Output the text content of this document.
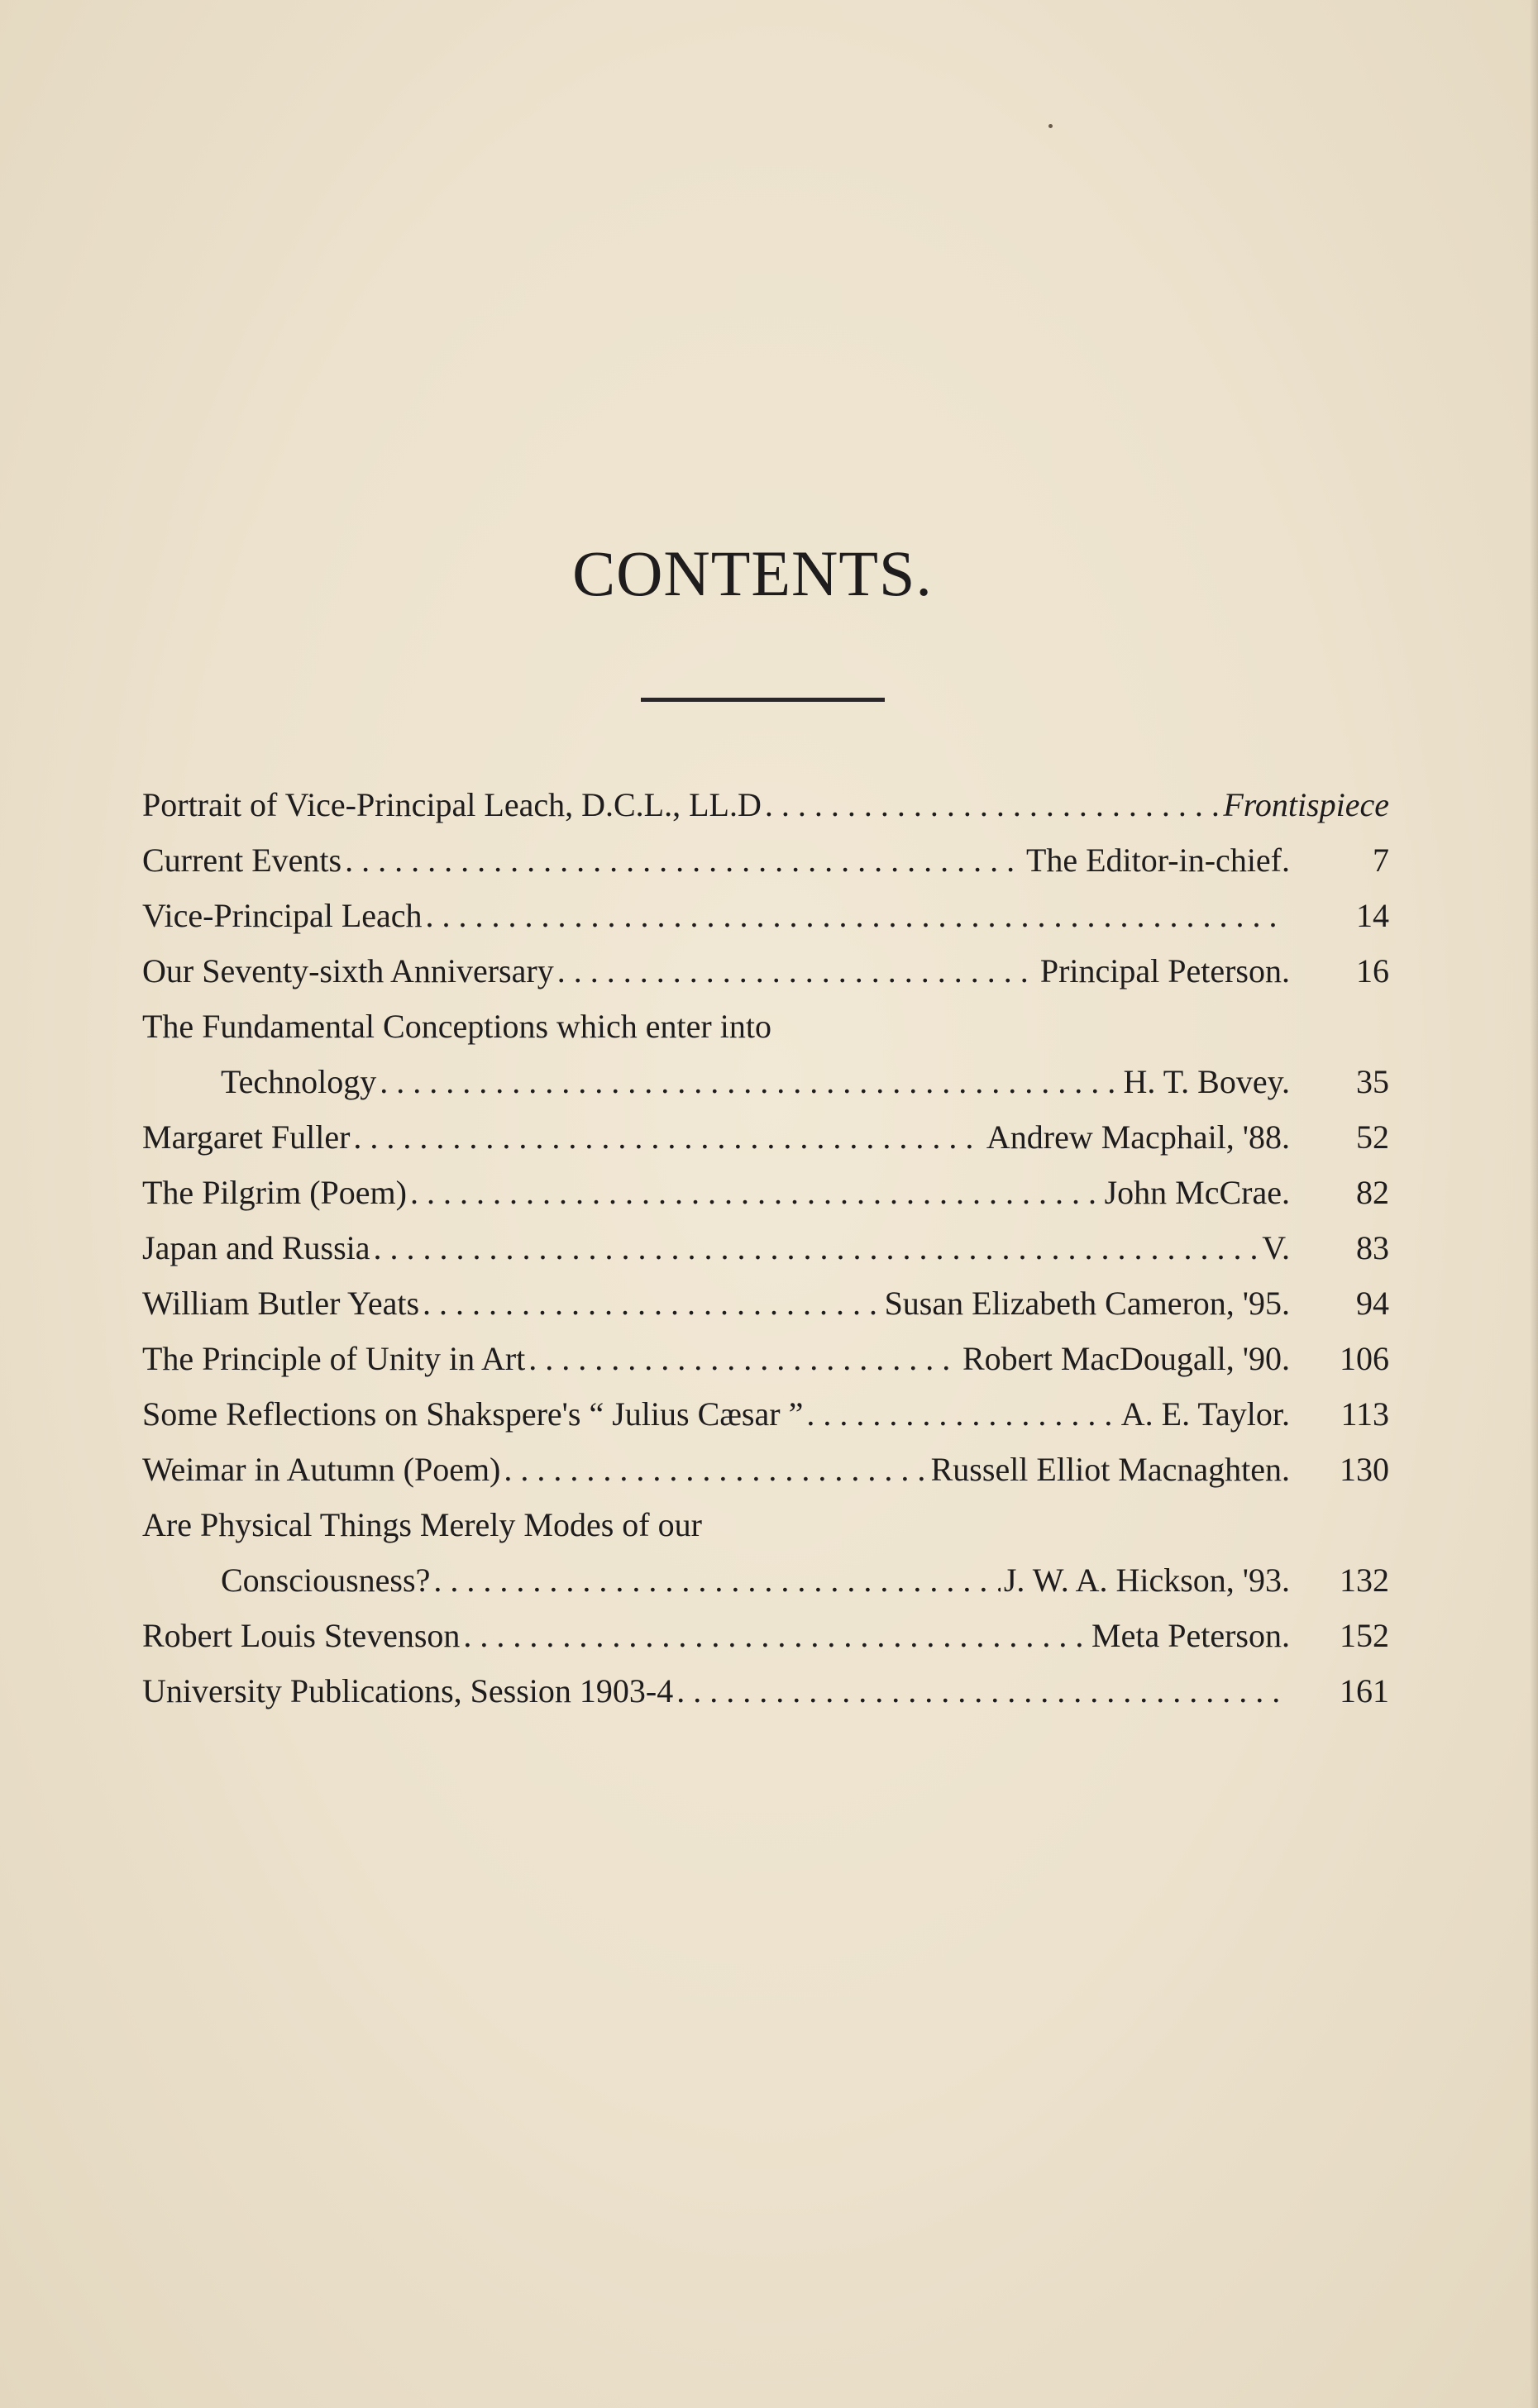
CONTENTS.
Portrait of Vice-Principal Leach, D.C.L., LL.D . . .	Frontispiece
Current Events . . .	The Editor-in-chief.	7
Vice-Principal Leach . . .	14
Our Seventy-sixth Anniversary . . .	Principal Peterson.	16
The Fundamental Conceptions which enter into
Technology . . .	H. T. Bovey.	35
Margaret Fuller . . .	Andrew Macphail, '88.	52
The Pilgrim (Poem) . . .	John McCrae.	82
Japan and Russia . . .	V.	83
William Butler Yeats . . .	Susan Elizabeth Cameron, '95.	94
The Principle of Unity in Art . . .	Robert MacDougall, '90.	106
Some Reflections on Shakspere's “ Julius Cæsar ” . . .	A. E. Taylor.	113
Weimar in Autumn (Poem) . . .	Russell Elliot Macnaghten.	130
Are Physical Things Merely Modes of our
Consciousness? . . .	J. W. A. Hickson, '93.	132
Robert Louis Stevenson . . .	Meta Peterson.	152
University Publications, Session 1903-4 . . .	161
